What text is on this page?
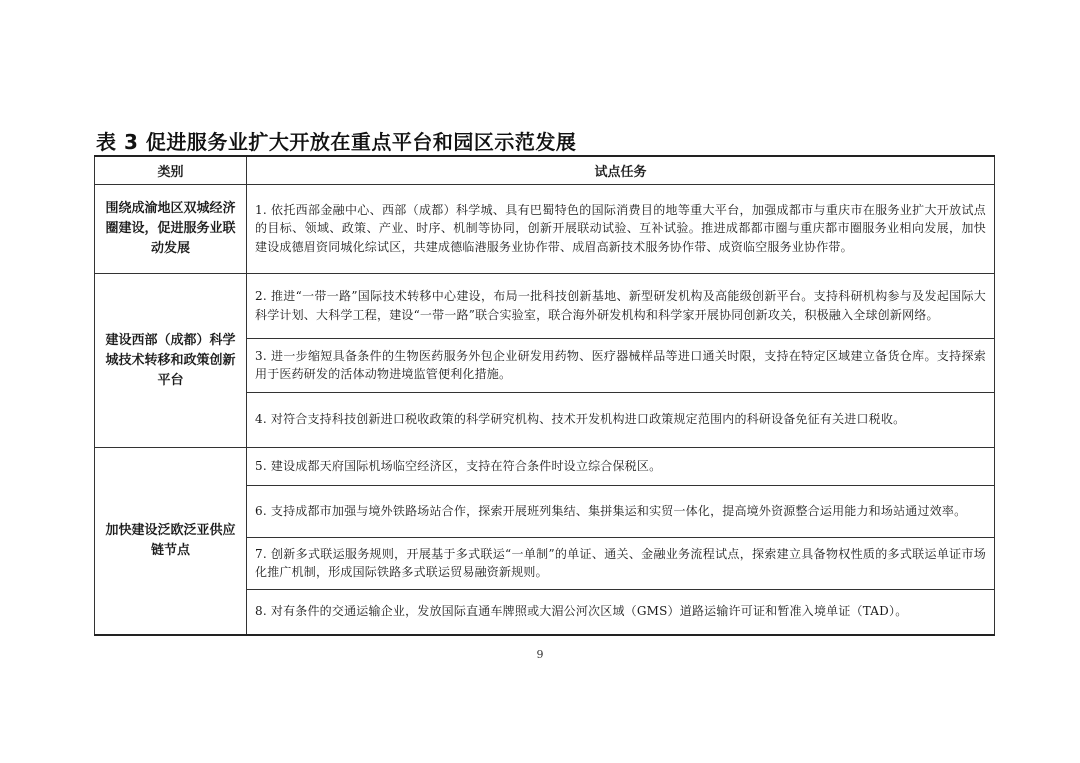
表 3 促进服务业扩大开放在重点平台和园区示范发展
类别	试点任务
围绕成渝地区双城经济圈建设，促进服务业联动发展	1. 依托西部金融中心、西部（成都）科学城、具有巴蜀特色的国际消费目的地等重大平台，加强成都市与重庆市在服务业扩大开放试点的目标、领域、政策、产业、时序、机制等协同，创新开展联动试验、互补试验。推进成都都市圈与重庆都市圈服务业相向发展，加快建设成德眉资同城化综试区，共建成德临港服务业协作带、成眉高新技术服务协作带、成资临空服务业协作带。
建设西部（成都）科学城技术转移和政策创新平台	2. 推进“一带一路”国际技术转移中心建设，布局一批科技创新基地、新型研发机构及高能级创新平台。支持科研机构参与及发起国际大科学计划、大科学工程，建设“一带一路”联合实验室，联合海外研发机构和科学家开展协同创新攻关，积极融入全球创新网络。
	3. 进一步缩短具备条件的生物医药服务外包企业研发用药物、医疗器械样品等进口通关时限，支持在特定区域建立备货仓库。支持探索用于医药研发的活体动物进境监管便利化措施。
	4. 对符合支持科技创新进口税收政策的科学研究机构、技术开发机构进口政策规定范围内的科研设备免征有关进口税收。
加快建设泛欧泛亚供应链节点	5. 建设成都天府国际机场临空经济区，支持在符合条件时设立综合保税区。
	6. 支持成都市加强与境外铁路场站合作，探索开展班列集结、集拼集运和实贸一体化，提高境外资源整合运用能力和场站通过效率。
	7. 创新多式联运服务规则，开展基于多式联运“一单制”的单证、通关、金融业务流程试点，探索建立具备物权性质的多式联运单证市场化推广机制，形成国际铁路多式联运贸易融资新规则。
	8. 对有条件的交通运输企业，发放国际直通车牌照或大湄公河次区域（GMS）道路运输许可证和暂准入境单证（TAD）。
9
